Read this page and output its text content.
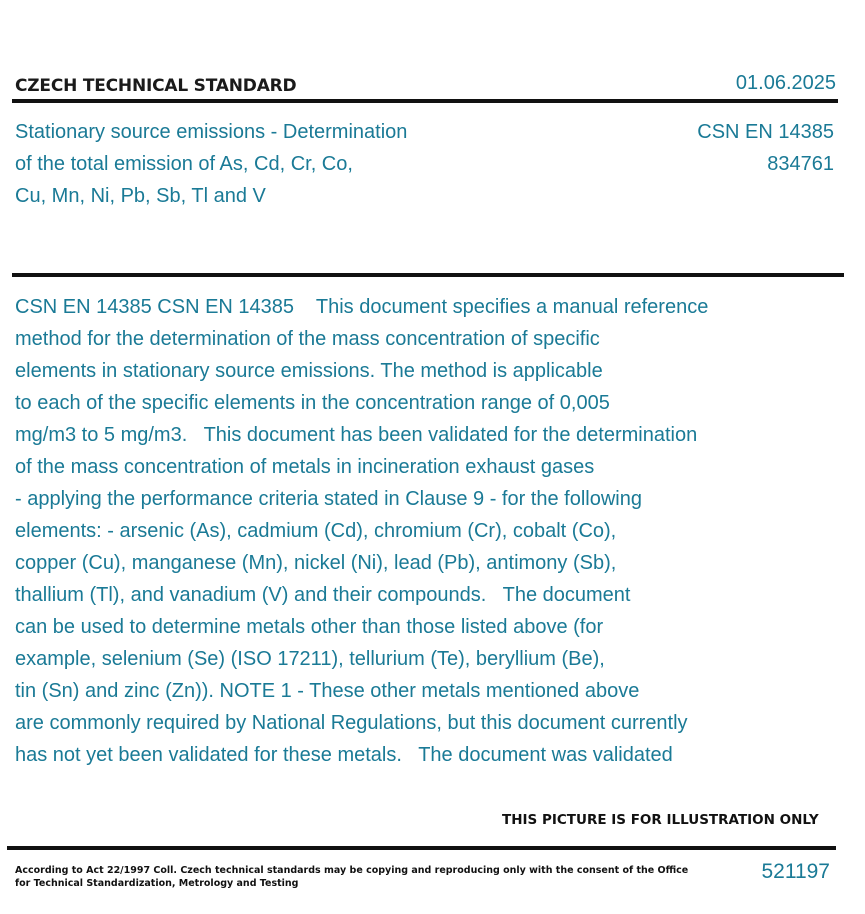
CZECH TECHNICAL STANDARD	01.06.2025
Stationary source emissions - Determination
of the total emission of As, Cd, Cr, Co,
Cu, Mn, Ni, Pb, Sb, Tl and V
CSN EN 14385
834761
CSN EN 14385 CSN EN 14385    This document specifies a manual reference
method for the determination of the mass concentration of specific
elements in stationary source emissions. The method is applicable
to each of the specific elements in the concentration range of 0,005
mg/m3 to 5 mg/m3.   This document has been validated for the determination
of the mass concentration of metals in incineration exhaust gases
- applying the performance criteria stated in Clause 9 - for the following
elements: - arsenic (As), cadmium (Cd), chromium (Cr), cobalt (Co),
copper (Cu), manganese (Mn), nickel (Ni), lead (Pb), antimony (Sb),
thallium (Tl), and vanadium (V) and their compounds.   The document
can be used to determine metals other than those listed above (for
example, selenium (Se) (ISO 17211), tellurium (Te), beryllium (Be),
tin (Sn) and zinc (Zn)). NOTE 1 - These other metals mentioned above
are commonly required by National Regulations, but this document currently
has not yet been validated for these metals.   The document was validated
THIS PICTURE IS FOR ILLUSTRATION ONLY
According to Act 22/1997 Coll. Czech technical standards may be copying and reproducing only with the consent of the Office
for Technical Standardization, Metrology and Testing
521197
